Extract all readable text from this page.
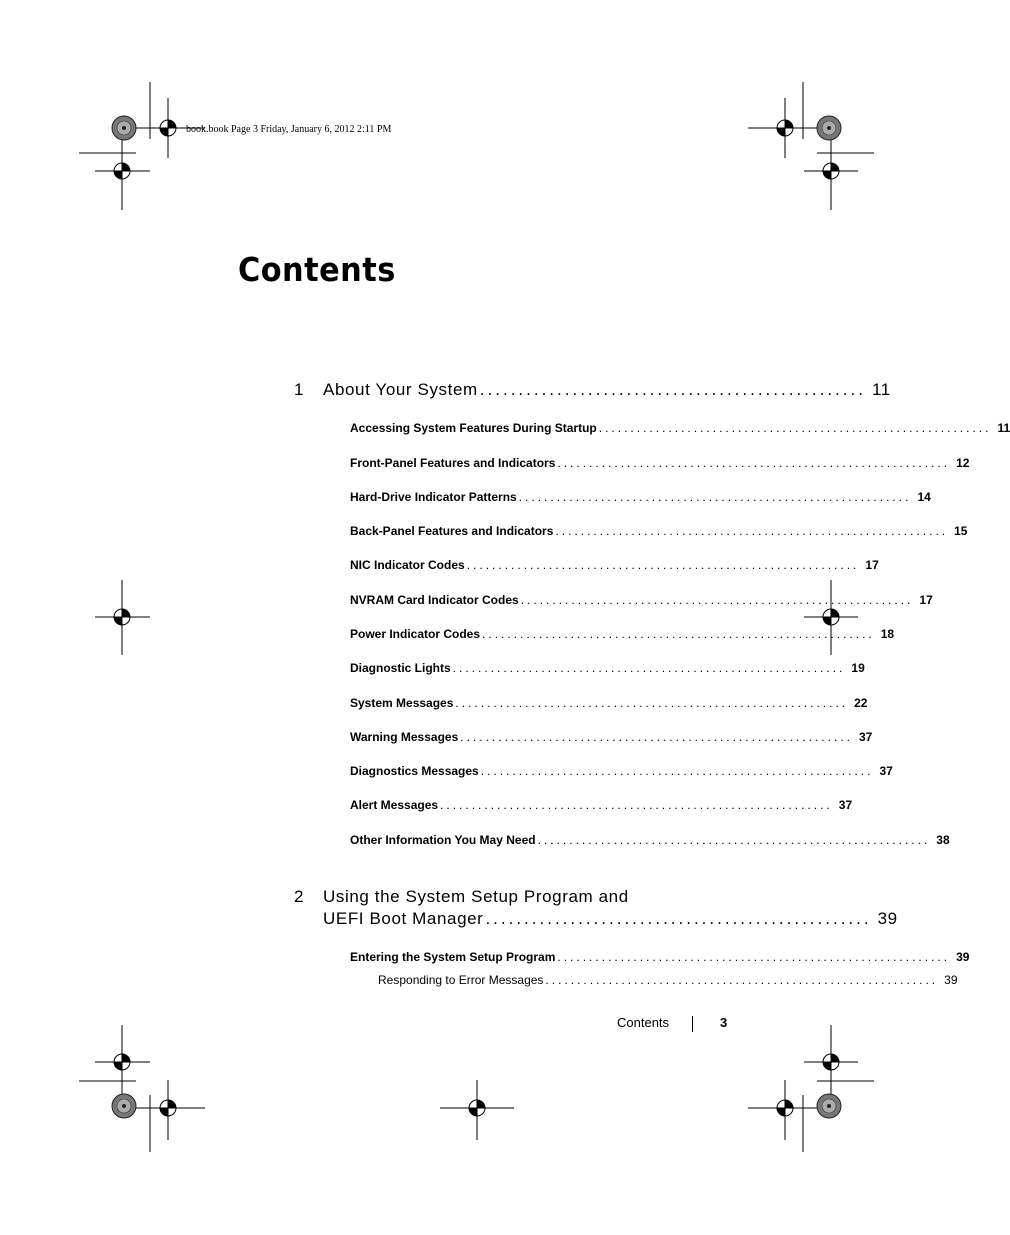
book.book Page 3 Friday, January 6, 2012 2:11 PM
Contents
1 About Your System .................................................. 11
Accessing System Features During Startup .............................................................. 11
Front-Panel Features and Indicators .............................................................. 12
Hard-Drive Indicator Patterns .............................................................. 14
Back-Panel Features and Indicators .............................................................. 15
NIC Indicator Codes .............................................................. 17
NVRAM Card Indicator Codes .............................................................. 17
Power Indicator Codes .............................................................. 18
Diagnostic Lights .............................................................. 19
System Messages .............................................................. 22
Warning Messages .............................................................. 37
Diagnostics Messages .............................................................. 37
Alert Messages .............................................................. 37
Other Information You May Need .............................................................. 38
2 Using the System Setup Program and
UEFI Boot Manager .................................................. 39
Entering the System Setup Program .............................................................. 39
Responding to Error Messages .............................................................. 39
Contents	3
